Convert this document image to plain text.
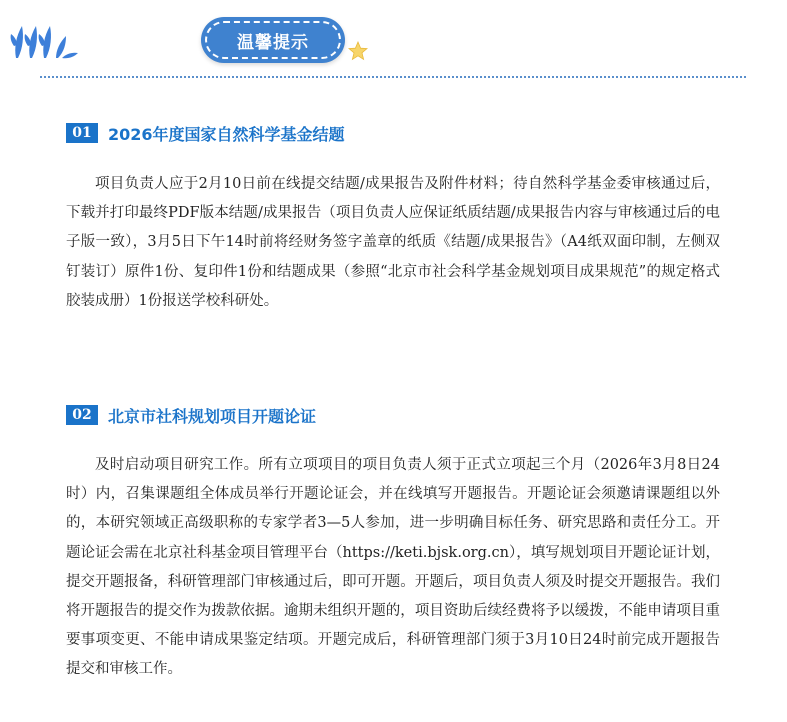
温馨提示
01	2026年度国家自然科学基金结题

项目负责人应于2月10日前在线提交结题/成果报告及附件材料；待自然科学基金委审核通过后，下载并打印最终PDF版本结题/成果报告（项目负责人应保证纸质结题/成果报告内容与审核通过后的电子版一致），3月5日下午14时前将经财务签字盖章的纸质《结题/成果报告》（A4纸双面印制，左侧双钉装订）原件1份、复印件1份和结题成果（参照“北京市社会科学基金规划项目成果规范”的规定格式胶装成册）1份报送学校科研处。

02	北京市社科规划项目开题论证

及时启动项目研究工作。所有立项项目的项目负责人须于正式立项起三个月（2026年3月8日24时）内，召集课题组全体成员举行开题论证会，并在线填写开题报告。开题论证会须邀请课题组以外的，本研究领域正高级职称的专家学者3—5人参加，进一步明确目标任务、研究思路和责任分工。开题论证会需在北京社科基金项目管理平台（https://keti.bjsk.org.cn），填写规划项目开题论证计划，提交开题报备，科研管理部门审核通过后，即可开题。开题后，项目负责人须及时提交开题报告。我们将开题报告的提交作为拨款依据。逾期未组织开题的，项目资助后续经费将予以缓拨，不能申请项目重要事项变更、不能申请成果鉴定结项。开题完成后，科研管理部门须于3月10日24时前完成开题报告提交和审核工作。
